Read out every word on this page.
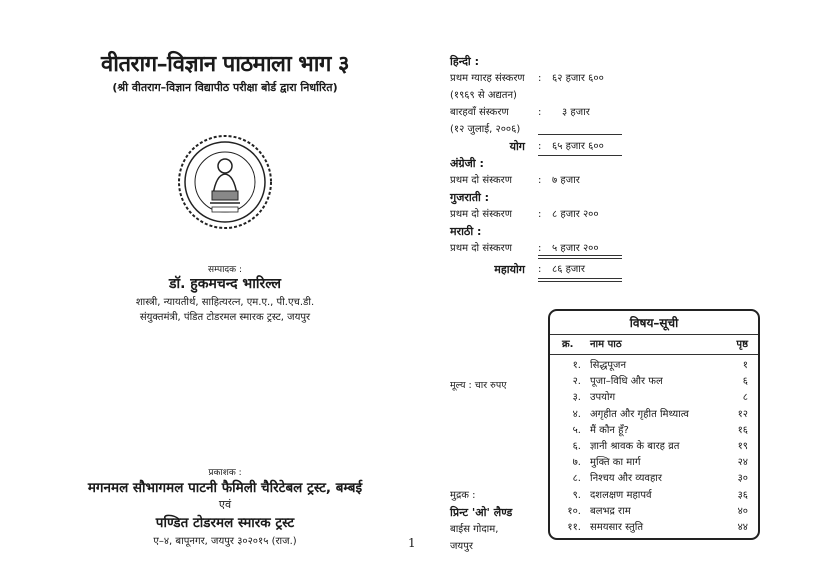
वीतराग–विज्ञान पाठमाला भाग ३
(श्री वीतराग–विज्ञान विद्यापीठ परीक्षा बोर्ड द्वारा निर्धारित)
सम्पादक :
डॉ. हुकमचन्द भारिल्ल
शास्त्री, न्यायतीर्थ, साहित्यरत्न, एम.ए., पी.एच.डी.
संयुक्तमंत्री, पंडित टोडरमल स्मारक ट्रस्ट, जयपुर
प्रकाशक :
मगनमल सौभागमल पाटनी फैमिली चैरिटेबल ट्रस्ट, बम्बई
एवं
पण्डित टोडरमल स्मारक ट्रस्ट
ए–४, बापूनगर, जयपुर ३०२०१५ (राज.)	1
हिन्दी :
प्रथम ग्यारह संस्करण : ६२ हजार ६००
(१९६९ से अद्यतन)
बारहवाँ संस्करण	: ३ हजार
(१२ जुलाई, २००६)
योग : ६५ हजार ६००
अंग्रेजी :
प्रथम दो संस्करण	: ७ हजार
गुजराती :
प्रथम दो संस्करण	: ८ हजार २००
मराठी :
प्रथम दो संस्करण	: ५ हजार २००
महायोग : ८६ हजार
मूल्य : चार रुपए
मुद्रक :
प्रिन्ट 'ओ' लैण्ड
बाईस गोदाम,
जयपुर
विषय–सूची
क्र. नाम पाठ	पृष्ठ
१. सिद्धपूजन	१
२. पूजा–विधि और फल	६
३. उपयोग	८
४. अगृहीत और गृहीत मिथ्यात्व	१२
५. मैं कौन हूँ?	१६
६. ज्ञानी श्रावक के बारह व्रत	१९
७. मुक्ति का मार्ग	२४
८. निश्चय और व्यवहार	३०
९. दशलक्षण महापर्व	३६
१०. बलभद्र राम	४०
११. समयसार स्तुति	४४
